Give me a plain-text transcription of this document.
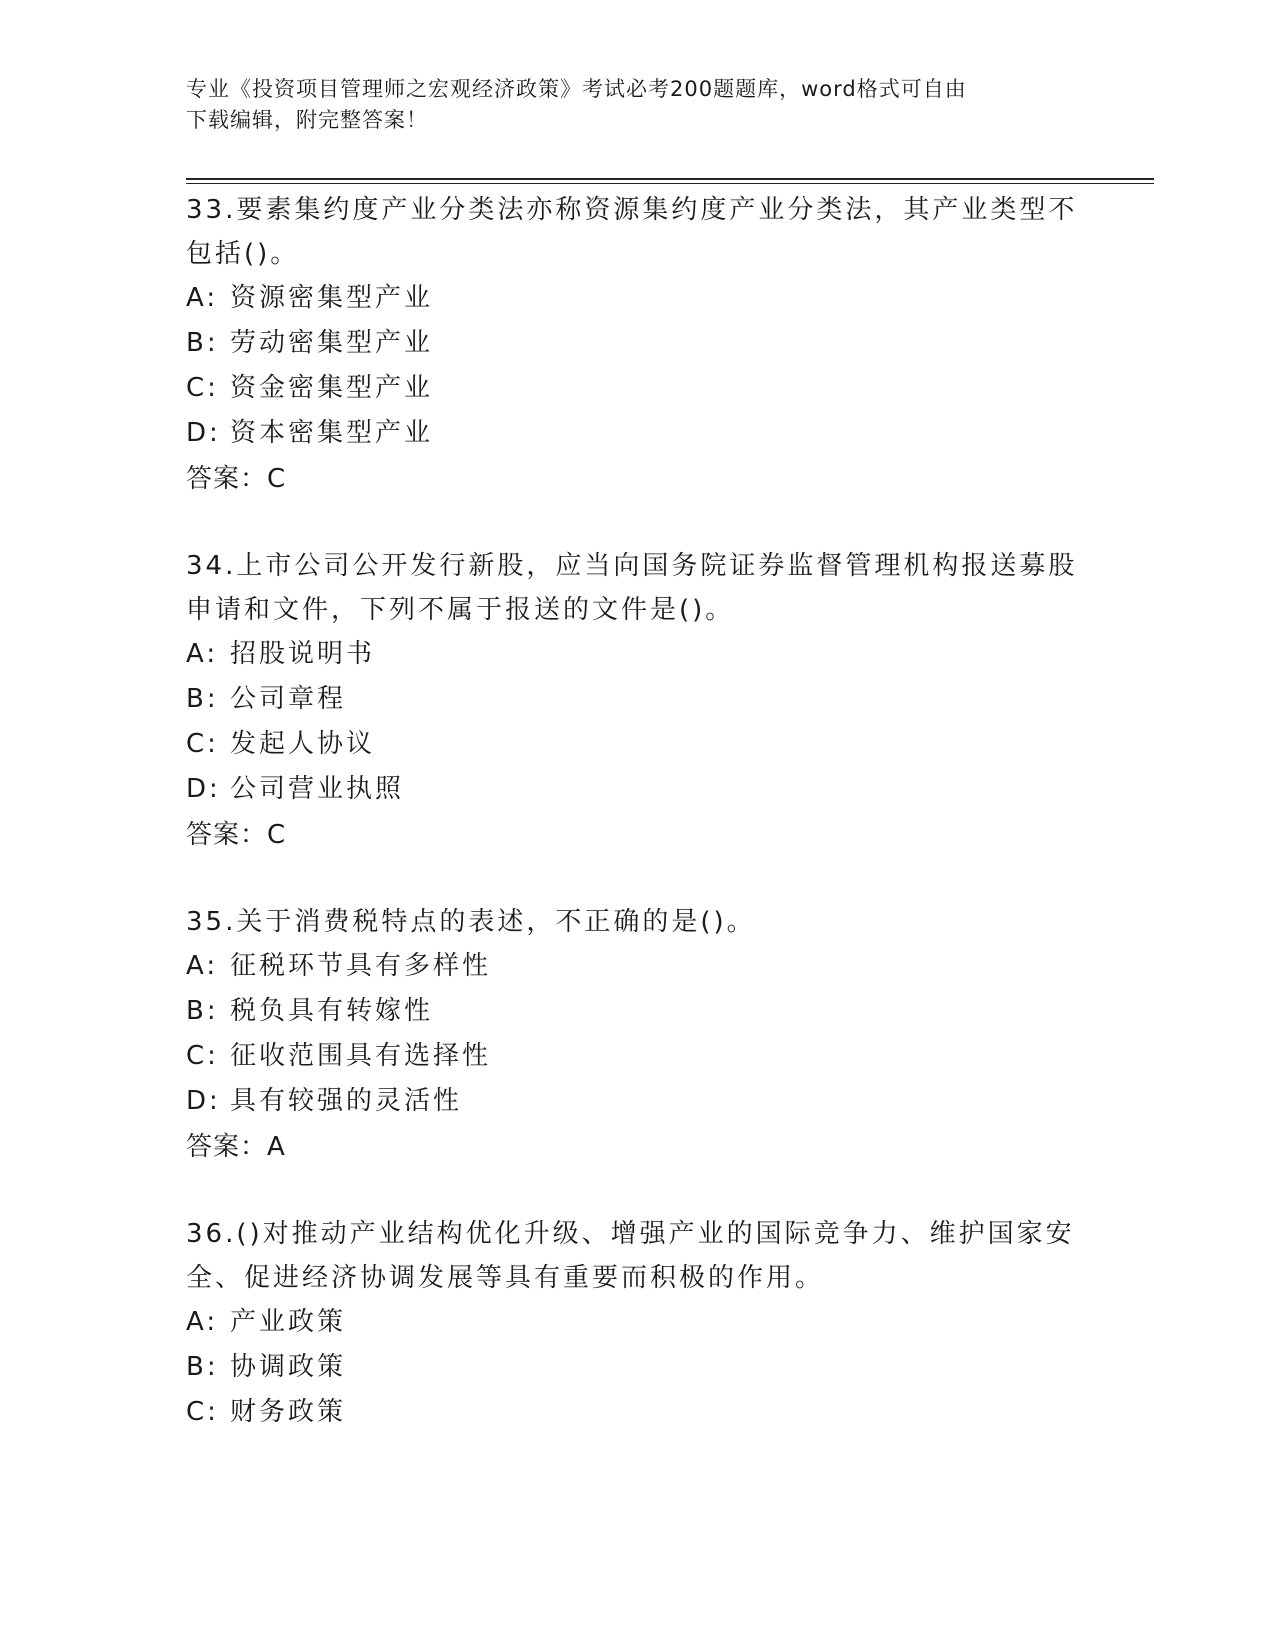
专业《投资项目管理师之宏观经济政策》考试必考200题题库，word格式可自由
下载编辑，附完整答案！

33.要素集约度产业分类法亦称资源集约度产业分类法，其产业类型不

包括()。

A: 资源密集型产业

B: 劳动密集型产业

C: 资金密集型产业

D: 资本密集型产业

答案：C

34.上市公司公开发行新股，应当向国务院证券监督管理机构报送募股

申请和文件，下列不属于报送的文件是()。

A: 招股说明书

B: 公司章程

C: 发起人协议

D: 公司营业执照

答案：C

35.关于消费税特点的表述，不正确的是()。

A: 征税环节具有多样性

B: 税负具有转嫁性

C: 征收范围具有选择性

D: 具有较强的灵活性

答案：A

36.()对推动产业结构优化升级、增强产业的国际竞争力、维护国家安

全、促进经济协调发展等具有重要而积极的作用。

A: 产业政策

B: 协调政策

C: 财务政策
